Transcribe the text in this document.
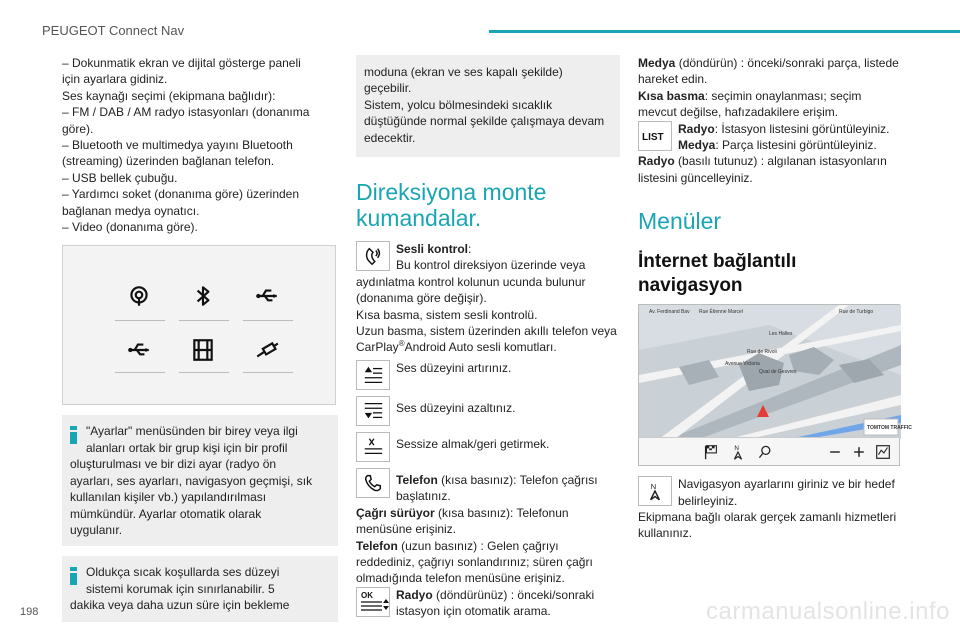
PEUGEOT Connect Nav

– Dokunmatik ekran ve dijital gösterge paneli
için ayarlara gidiniz.
Ses kaynağı seçimi (ekipmana bağlıdır):
– FM / DAB / AM radyo istasyonları (donanıma
göre).
– Bluetooth ve multimedya yayını Bluetooth
(streaming) üzerinden bağlanan telefon.
– USB bellek çubuğu.
– Yardımcı soket (donanıma göre) üzerinden
bağlanan medya oynatıcı.
– Video (donanıma göre).

"Ayarlar" menüsünden bir birey veya ilgi
alanları ortak bir grup kişi için bir profil
oluşturulması ve bir dizi ayar (radyo ön
ayarları, ses ayarları, navigasyon geçmişi, sık
kullanılan kişiler vb.) yapılandırılması
mümkündür. Ayarlar otomatik olarak
uygulanır.
Oldukça sıcak koşullarda ses düzeyi
sistemi korumak için sınırlanabilir. 5
dakika veya daha uzun süre için bekleme
moduna (ekran ve ses kapalı şekilde)
geçebilir.
Sistem, yolcu bölmesindeki sıcaklık
düştüğünde normal şekilde çalışmaya devam
edecektir.
Direksiyona monte
kumandalar.
Sesli kontrol:
Bu kontrol direksiyon üzerinde veya
aydınlatma kontrol kolunun ucunda bulunur
(donanıma göre değişir).
Kısa basma, sistem sesli kontrolü.
Uzun basma, sistem üzerinden akıllı telefon veya
CarPlay®Android Auto sesli komutları.
Ses düzeyini artırınız.
Ses düzeyini azaltınız.
Sessize almak/geri getirmek.
Telefon (kısa basınız): Telefon çağrısı
başlatınız.
Çağrı sürüyor (kısa basınız): Telefonun
menüsüne erişiniz.
Telefon (uzun basınız) : Gelen çağrıyı
reddediniz, çağrıyı sonlandırınız; süren çağrı
olmadığında telefon menüsüne erişiniz.
OK Radyo (döndürünüz) : önceki/sonraki
istasyon için otomatik arama.

Medya (döndürün) : önceki/sonraki parça, listede
hareket edin.
Kısa basma: seçimin onaylanması; seçim
mevcut değilse, hafızadakilere erişim.

LIST
Radyo: İstasyon listesini görüntüleyiniz.
Medya: Parça listesini görüntüleyiniz.

Radyo (basılı tutunuz) : algılanan istasyonların
listesini güncelleyiniz.

Menüler
İnternet bağlantılı
navigasyon
Av. Ferdinand Bav Rue Étienne Marcel	Rue de Turbigo
Les Halles
Rue de Rivoli
Avenue Victoria
Quai de Gesvres
TOMTOM TRAFFIC
N
N Navigasyon ayarlarını giriniz ve bir hedef
belirleyiniz.

Ekipmana bağlı olarak gerçek zamanlı hizmetleri
kullanınız.

198	carmanualsonline.info
